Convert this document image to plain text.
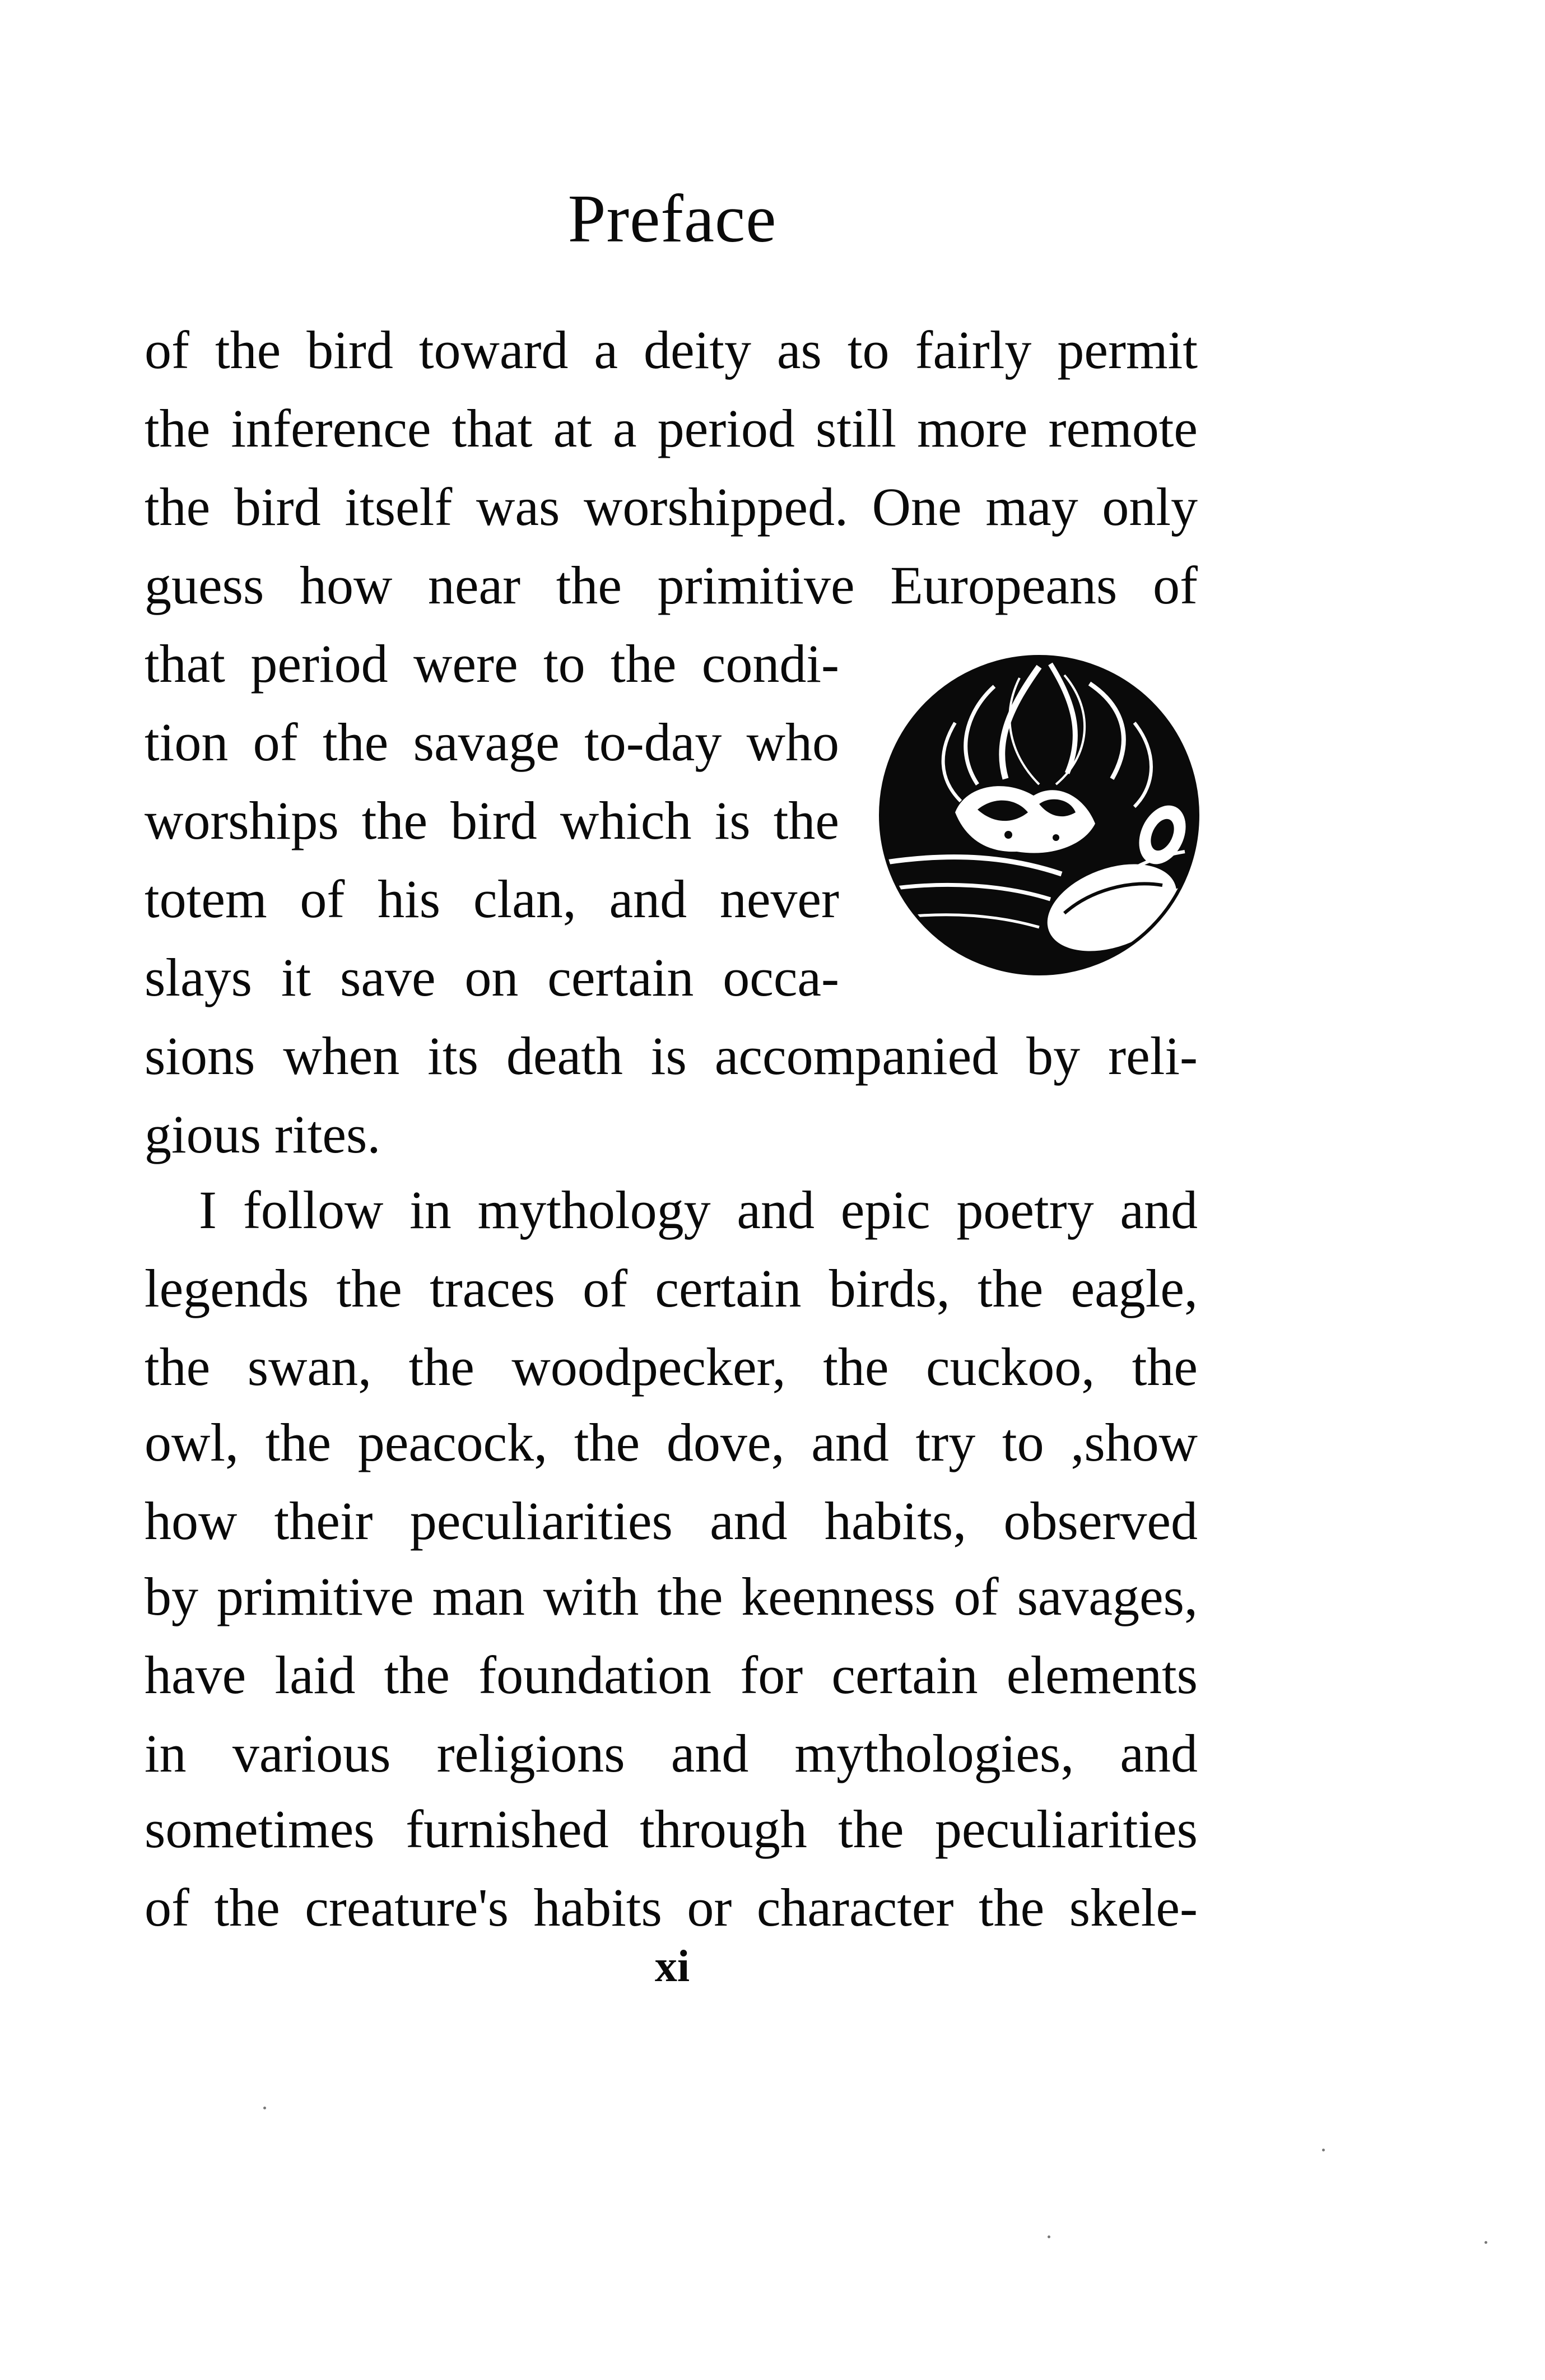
Preface
of the bird toward a deity as to fairly permit
the inference that at a period still more remote
the bird itself was worshipped. One may only
guess how near the primitive Europeans of
that period were to the condi-
tion of the savage to-day who
worships the bird which is the
totem of his clan, and never
slays it save on certain occa-
sions when its death is accompanied by reli-
gious rites.
I follow in mythology and epic poetry and
legends the traces of certain birds, the eagle,
the swan, the woodpecker, the cuckoo, the
owl, the peacock, the dove, and try to ,show
how their peculiarities and habits, observed
by primitive man with the keenness of savages,
have laid the foundation for certain elements
in various religions and mythologies, and
sometimes furnished through the peculiarities
of the creature's habits or character the skele-
xi
